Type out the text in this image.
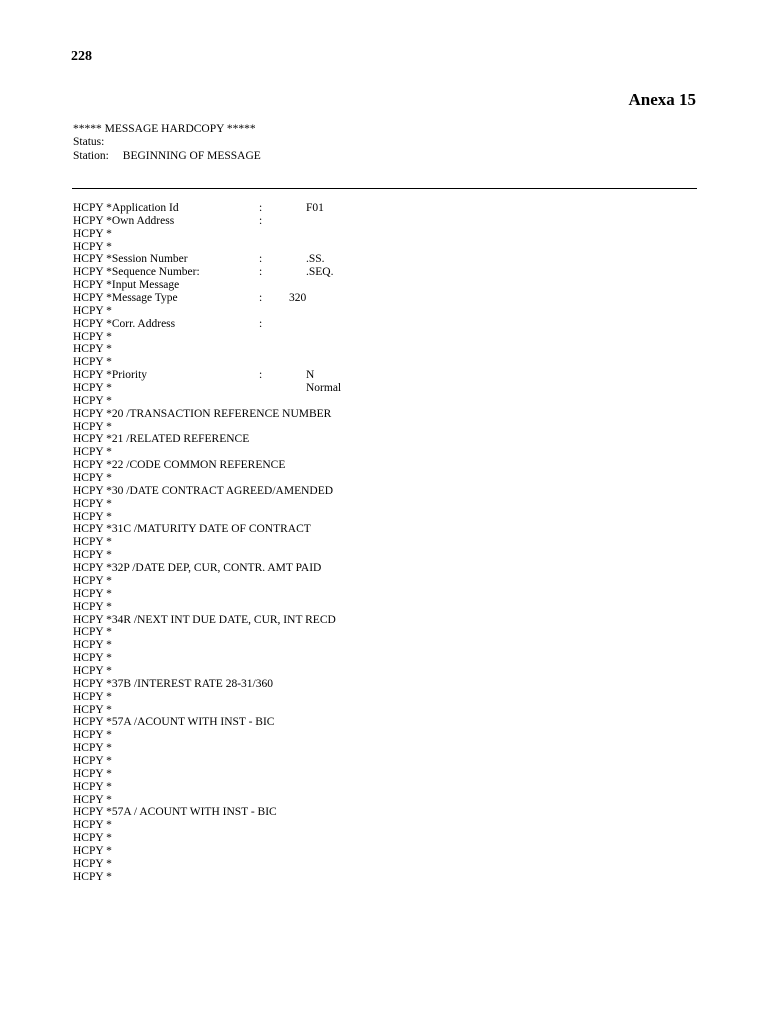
228
Anexa 15
***** MESSAGE HARDCOPY *****
Status:
Station: BEGINNING OF MESSAGE
HCPY *Application Id	:	F01
HCPY *Own Address	:
HCPY *
HCPY *
HCPY *Session Number	:	.SS.
HCPY *Sequence Number:	:	.SEQ.
HCPY *Input Message
HCPY *Message Type	: 320
HCPY *
HCPY *Corr. Address	:
HCPY *
HCPY *
HCPY *
HCPY *Priority	:	N
HCPY *	Normal
HCPY *
HCPY *20 /TRANSACTION REFERENCE NUMBER
HCPY *
HCPY *21 /RELATED REFERENCE
HCPY *
HCPY *22 /CODE COMMON REFERENCE
HCPY *
HCPY *30 /DATE CONTRACT AGREED/AMENDED
HCPY *
HCPY *
HCPY *31C /MATURITY DATE OF CONTRACT
HCPY *
HCPY *
HCPY *32P /DATE DEP, CUR, CONTR. AMT PAID
HCPY *
HCPY *
HCPY *
HCPY *34R /NEXT INT DUE DATE, CUR, INT RECD
HCPY *
HCPY *
HCPY *
HCPY *
HCPY *37B /INTEREST RATE 28-31/360
HCPY *
HCPY *
HCPY *57A /ACOUNT WITH INST - BIC
HCPY *
HCPY *
HCPY *
HCPY *
HCPY *
HCPY *
HCPY *57A / ACOUNT WITH INST - BIC
HCPY *
HCPY *
HCPY *
HCPY *
HCPY *
